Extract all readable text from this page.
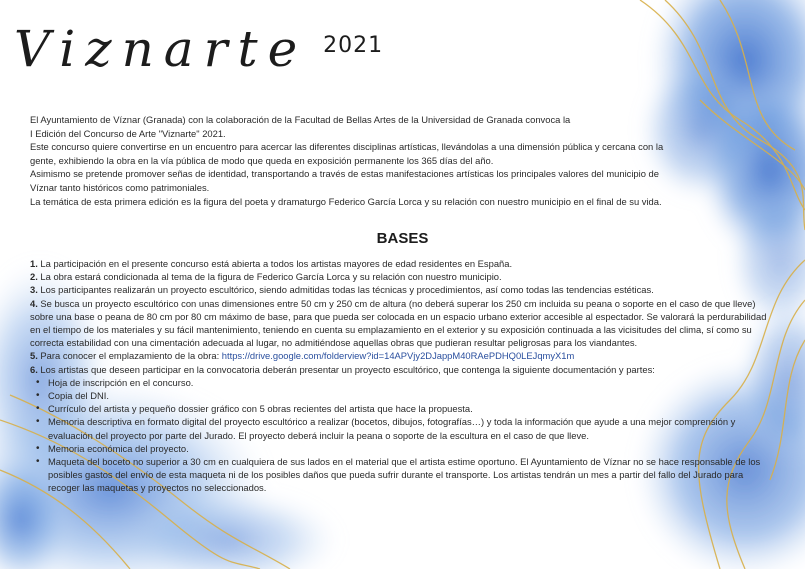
Viznarte 2021

El Ayuntamiento de Víznar (Granada) con la colaboración de la Facultad de Bellas Artes de la Universidad de Granada convoca la

I Edición del Concurso de Arte "Viznarte" 2021.

Este concurso quiere convertirse en un encuentro para acercar las diferentes disciplinas artísticas, llevándolas a una dimensión pública y cercana con la

gente, exhibiendo la obra en la vía pública de modo que queda en exposición permanente los 365 días del año.

Asimismo se pretende promover señas de identidad, transportando a través de estas manifestaciones artísticas los principales valores del municipio de

Víznar tanto históricos como patrimoniales.

La temática de esta primera edición es la figura del poeta y dramaturgo Federico García Lorca y su relación con nuestro municipio en el final de su vida.

BASES

1. La participación en el presente concurso está abierta a todos los artistas mayores de edad residentes en España.

2. La obra estará condicionada al tema de la figura de Federico García Lorca y su relación con nuestro municipio.

3. Los participantes realizarán un proyecto escultórico, siendo admitidas todas las técnicas y procedimientos, así como todas las tendencias estéticas.

4. Se busca un proyecto escultórico con unas dimensiones entre 50 cm y 250 cm de altura (no deberá superar los 250 cm incluida su peana o soporte en el caso de que lleve) sobre una base o peana de 80 cm por 80 cm máximo de base, para que pueda ser colocada en un espacio urbano exterior accesible al espectador. Se valorará la perdurabilidad en el tiempo de los materiales y su fácil mantenimiento, teniendo en cuenta su emplazamiento en el exterior y su exposición continuada a las vicisitudes del clima, sí como su correcta estabilidad con una cimentación adecuada al lugar, no admitiéndose aquellas obras que pudieran resultar peligrosas para los viandantes.

5. Para conocer el emplazamiento de la obra: https://drive.google.com/folderview?id=14APVjy2DJappM40RAePDHQ0LEJqmyX1m

6. Los artistas que deseen participar en la convocatoria deberán presentar un proyecto escultórico, que contenga la siguiente documentación y partes:

• Hoja de inscripción en el concurso.
• Copia del DNI.
• Currículo del artista y pequeño dossier gráfico con 5 obras recientes del artista que hace la propuesta.
• Memoria descriptiva en formato digital del proyecto escultórico a realizar (bocetos, dibujos, fotografías…) y toda la información que ayude a una mejor comprensión y evaluación del proyecto por parte del Jurado. El proyecto deberá incluir la peana o soporte de la escultura en el caso de que lleve.
• Memoria económica del proyecto.
• Maqueta del boceto no superior a 30 cm en cualquiera de sus lados en el material que el artista estime oportuno. El Ayuntamiento de Víznar no se hace responsable de los posibles gastos del envío de esta maqueta ni de los posibles daños que pueda sufrir durante el transporte. Los artistas tendrán un mes a partir del fallo del Jurado para recoger las maquetas y proyectos no seleccionados.
